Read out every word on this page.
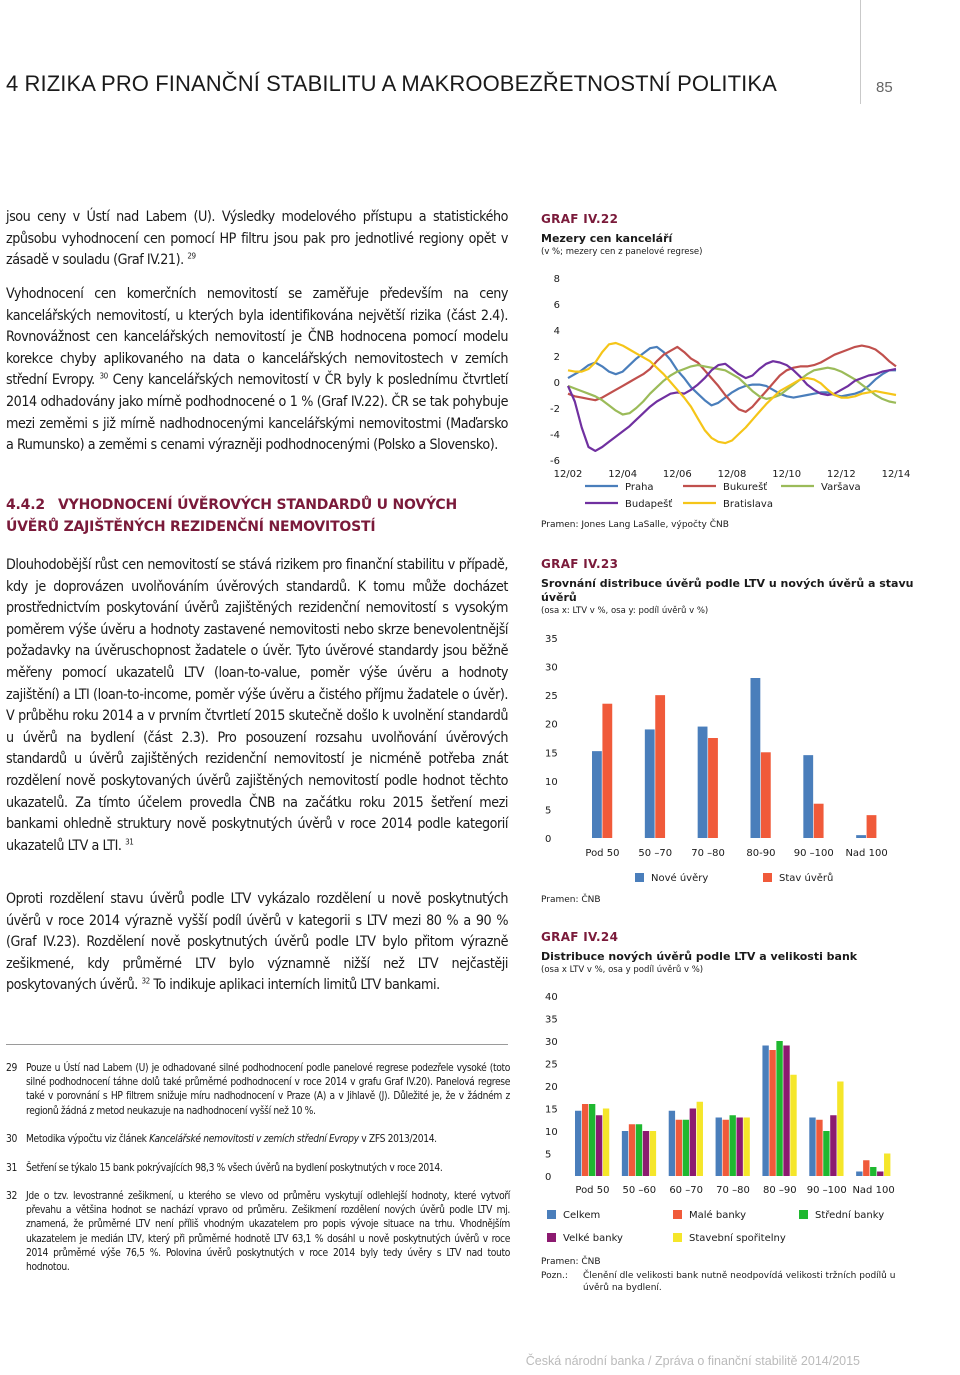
4 RIZIKA PRO FINANČNÍ STABILITU A MAKROOBEZŘETNOSTNÍ POLITIKA	85

jsou ceny v Ústí nad Labem (U). Výsledky modelového přístupu a statistického způsobu vyhodnocení cen pomocí HP filtru jsou pak pro jednotlivé regiony opět v zásadě v souladu (Graf IV.21). $^{29}$

Vyhodnocení cen komerčních nemovitostí se zaměřuje především na ceny kancelářských nemovitostí, u kterých byla identifikována největší rizika (část 2.4). Rovnovážnost cen kancelářských nemovitostí je ČNB hodnocena pomocí modelu korekce chyby aplikovaného na data o kancelářských nemovitostech v zemích střední Evropy. $^{30}$ Ceny kancelářských nemovitostí v ČR byly k poslednímu čtvrtletí 2014 odhadovány jako mírně podhodnocené o 1 % (Graf IV.22). ČR se tak pohybuje mezi zeměmi s již mírně nadhodnocenými kancelářskými nemovitostmi (Maďarsko a Rumunsko) a zeměmi s cenami výrazněji podhodnocenými (Polsko a Slovensko).

4.4.2 VYHODNOCENÍ ÚVĚROVÝCH STANDARDŮ U NOVÝCH ÚVĚRŮ ZAJIŠTĚNÝCH REZIDENČNÍ NEMOVITOSTÍ

Dlouhodobější růst cen nemovitostí se stává rizikem pro finanční stabilitu v případě, kdy je doprovázen uvolňováním úvěrových standardů. K tomu může docházet prostřednictvím poskytování úvěrů zajištěných rezidenční nemovitostí s vysokým poměrem výše úvěru a hodnoty zastavené nemovitosti nebo skrze benevolentnější požadavky na úvěruschopnost žadatele o úvěr. Tyto úvěrové standardy jsou běžně měřeny pomocí ukazatelů LTV (loan-to-value, poměr výše úvěru a hodnoty zajištění) a LTI (loan-to-income, poměr výše úvěru a čistého příjmu žadatele o úvěr). V průběhu roku 2014 a v prvním čtvrtletí 2015 skutečně došlo k uvolnění standardů u úvěrů na bydlení (část 2.3). Pro posouzení rozsahu uvolňování úvěrových standardů u úvěrů zajištěných rezidenční nemovitostí je nicméně potřeba znát rozdělení nově poskytovaných úvěrů zajištěných nemovitostí podle hodnot těchto ukazatelů. Za tímto účelem provedla ČNB na začátku roku 2015 šetření mezi bankami ohledně struktury nově poskytnutých úvěrů v roce 2014 podle kategorií ukazatelů LTV a LTI. $^{31}$

Oproti rozdělení stavu úvěrů podle LTV vykázalo rozdělení u nově poskytnutých úvěrů v roce 2014 výrazně vyšší podíl úvěrů v kategorii s LTV mezi 80 % a 90 % (Graf IV.23). Rozdělení nově poskytnutých úvěrů podle LTV bylo přitom výrazně zešikmené, kdy průměrné LTV bylo významně nižší než LTV nejčastěji poskytovaných úvěrů. $^{32}$ To indikuje aplikaci interních limitů LTV bankami.

29 Pouze u Ústí nad Labem (U) je odhadované silné podhodnocení podle panelové regrese podezřele vysoké (toto silné podhodnocení táhne dolů také průměrné podhodnocení v roce 2014 v grafu Graf IV.20). Panelová regrese také v porovnání s HP filtrem snižuje míru nadhodnocení v Praze (A) a v Jihlavě (J). Důležité je, že v žádném z regionů žádná z metod neukazuje na nadhodnocení vyšší než 10 %.
30 Metodika výpočtu viz článek Kancelářské nemovitosti v zemích střední Evropy v ZFS 2013/2014.
31 Šetření se týkalo 15 bank pokrývajících 98,3 % všech úvěrů na bydlení poskytnutých v roce 2014.
32 Jde o tzv. levostranné zešikmení, u kterého se vlevo od průměru vyskytují odlehlejší hodnoty, které vytvoří převahu a většina hodnot se nachází vpravo od průměru. Zešikmení rozdělení nových úvěrů podle LTV mj. znamená, že průměrné LTV není příliš vhodným ukazatelem pro popis vývoje situace na trhu. Vhodnějším ukazatelem je medián LTV, který při průměrné hodnotě LTV 63,1 % dosáhl u nově poskytnutých úvěrů v roce 2014 průměrné výše 76,5 %. Polovina úvěrů poskytnutých v roce 2014 byly tedy úvěry s LTV nad touto hodnotou.
GRAF IV.22
Mezery cen kanceláří
(v %; mezery cen z panelové regrese)
-6
-4
-2
0
2
4
6
8
12/02	12/04	12/06	12/08	12/10	12/12	12/14
Praha	Bukurešť	Varšava
Budapešť	Bratislava
Pramen: Jones Lang LaSalle, výpočty ČNB
GRAF IV.23
Srovnání distribuce úvěrů podle LTV u nových úvěrů a stavu úvěrů
(osa x: LTV v %, osa y: podíl úvěrů v %)
0
5
10
15
20
25
30
35
Pod 50 50 –70 70 –80 80-90 90 –100 Nad 100
Nové úvěry	Stav úvěrů
Pramen: ČNB
GRAF IV.24
Distribuce nových úvěrů podle LTV a velikosti bank
(osa x LTV v %, osa y podíl úvěrů v %)
0
5
10
15
20
25
30
35
40
Pod 50 50 –60 60 –70 70 –80 80 –90 90 –100 Nad 100
Celkem	Malé banky	Střední banky
Velké banky	Stavební spořitelny
Pramen: ČNB
Pozn.: Členění dle velikosti bank nutně neodpovídá velikosti tržních podílů u úvěrů na bydlení.
Česká národní banka / Zpráva o finanční stabilitě 2014/2015
